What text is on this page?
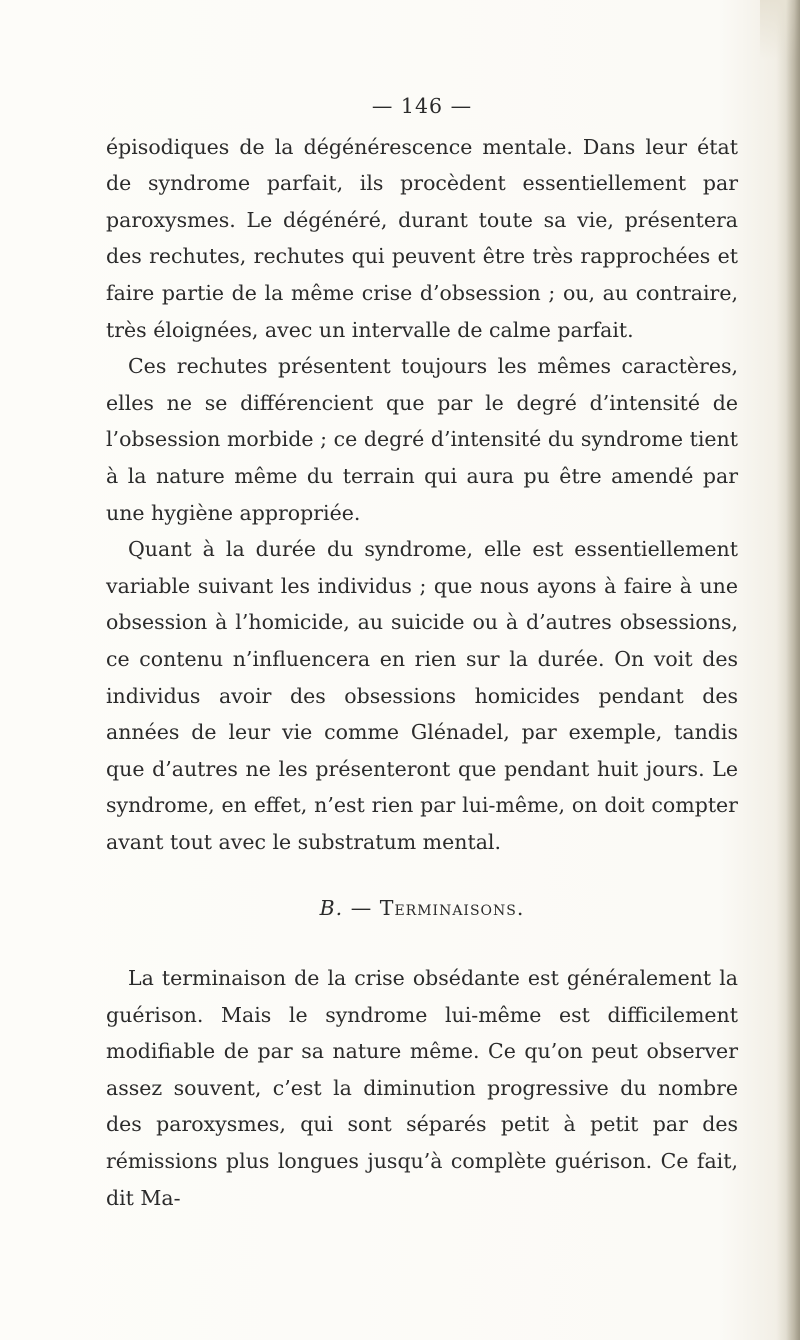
— 146 —

épisodiques de la dégénérescence mentale. Dans leur état de syndrome parfait, ils procèdent essentiellement par paroxysmes. Le dégénéré, durant toute sa vie, présentera des rechutes, rechutes qui peuvent être très rapprochées et faire partie de la même crise d’obsession ; ou, au contraire, très éloignées, avec un intervalle de calme parfait.

Ces rechutes présentent toujours les mêmes caractères, elles ne se différencient que par le degré d’intensité de l’obsession morbide ; ce degré d’intensité du syndrome tient à la nature même du terrain qui aura pu être amendé par une hygiène appropriée.

Quant à la durée du syndrome, elle est essentiellement variable suivant les individus ; que nous ayons à faire à une obsession à l’homicide, au suicide ou à d’autres obsessions, ce contenu n’influencera en rien sur la durée. On voit des individus avoir des obsessions homicides pendant des années de leur vie comme Glénadel, par exemple, tandis que d’autres ne les présenteront que pendant huit jours. Le syndrome, en effet, n’est rien par lui-même, on doit compter avant tout avec le substratum mental.

B. — Terminaisons.

La terminaison de la crise obsédante est généralement la guérison. Mais le syndrome lui-même est difficilement modifiable de par sa nature même. Ce qu’on peut observer assez souvent, c’est la diminution progressive du nombre des paroxysmes, qui sont séparés petit à petit par des rémissions plus longues jusqu’à complète guérison. Ce fait, dit Ma-
